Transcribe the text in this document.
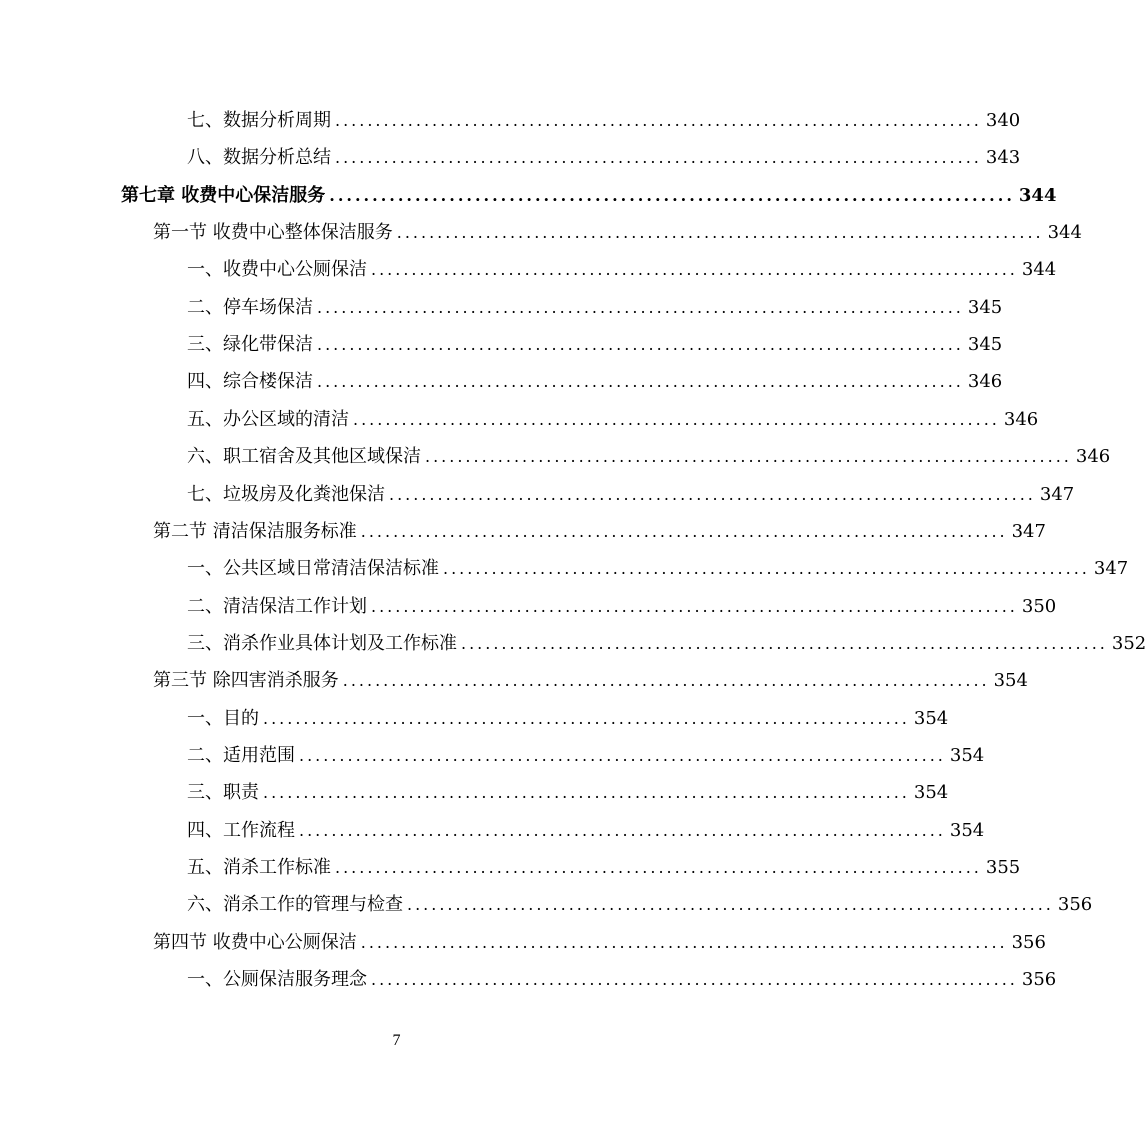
七、数据分析周期 ................................................................................ 340
八、数据分析总结 ................................................................................ 343
第七章 收费中心保洁服务 ................................................................................ 344
第一节 收费中心整体保洁服务 ................................................................................ 344
一、收费中心公厕保洁 ................................................................................ 344
二、停车场保洁 ................................................................................ 345
三、绿化带保洁 ................................................................................ 345
四、综合楼保洁 ................................................................................ 346
五、办公区域的清洁 ................................................................................ 346
六、职工宿舍及其他区域保洁 ................................................................................ 346
七、垃圾房及化粪池保洁 ................................................................................ 347
第二节 清洁保洁服务标准 ................................................................................ 347
一、公共区域日常清洁保洁标准 ................................................................................ 347
二、清洁保洁工作计划 ................................................................................ 350
三、消杀作业具体计划及工作标准 ................................................................................ 352
第三节 除四害消杀服务 ................................................................................ 354
一、目的 ................................................................................ 354
二、适用范围 ................................................................................ 354
三、职责 ................................................................................ 354
四、工作流程 ................................................................................ 354
五、消杀工作标准 ................................................................................ 355
六、消杀工作的管理与检查 ................................................................................ 356
第四节 收费中心公厕保洁 ................................................................................ 356
一、公厕保洁服务理念 ................................................................................ 356
7
